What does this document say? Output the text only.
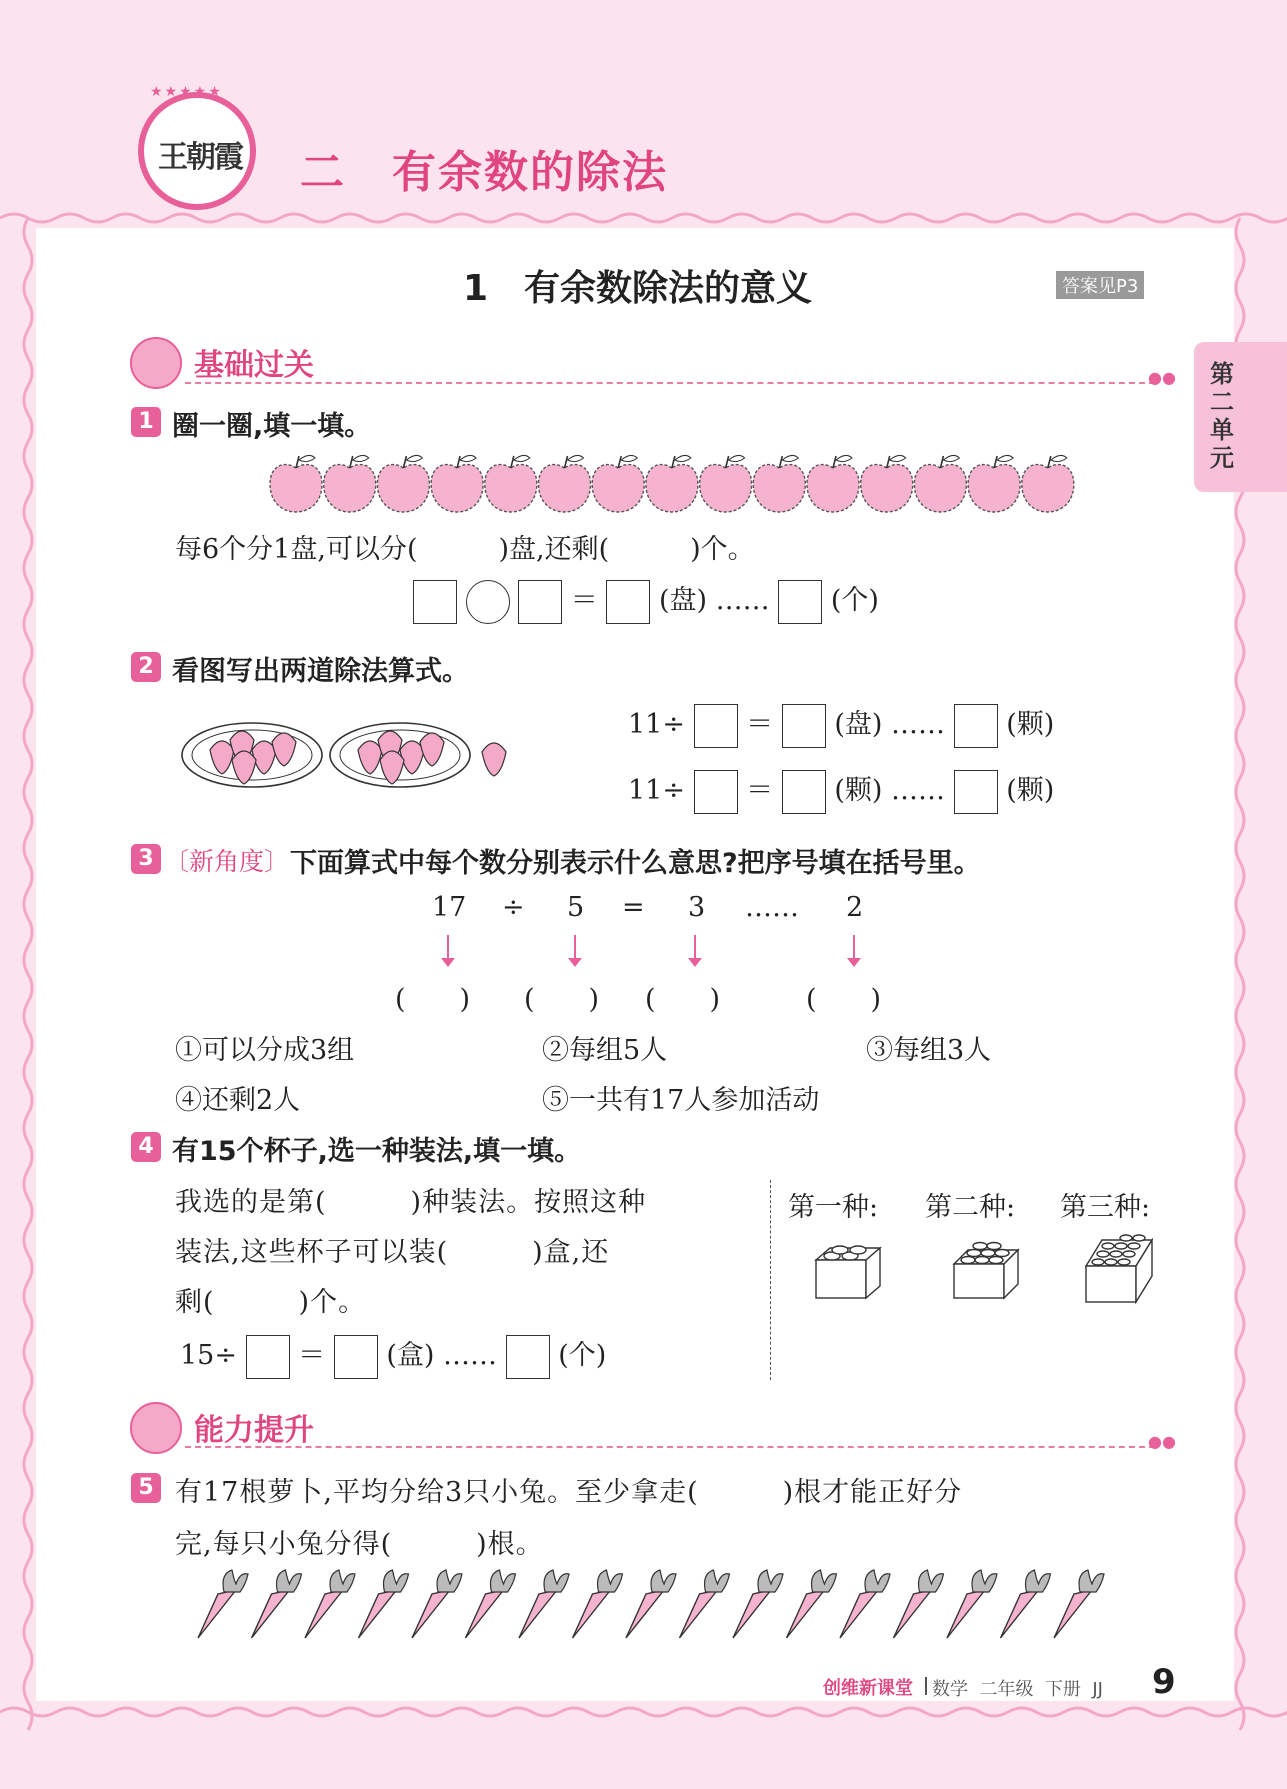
王朝霞
★★★★★
二　有余数的除法
1　有余数除法的意义	答案见P3
第二单元
基础过关	●●
1 圈一圈,填一填。
每6个分1盘,可以分(　　　)盘,还剩(　　　)个。
＝ (盘) …… (个)
2 看图写出两道除法算式。
11÷ ＝ (盘) …… (颗)
11÷ ＝ (颗) …… (颗)
3 〔新角度〕 下面算式中每个数分别表示什么意思?把序号填在括号里。
17 ÷ 5 = 3 …… 2
(　　) (　　) (　　)	(　　)
①可以分成3组	②每组5人	③每组3人
④还剩2人	⑤一共有17人参加活动
4 有15个杯子,选一种装法,填一填。
我选的是第(　　　)种装法。按照这种
装法,这些杯子可以装(　　　)盒,还
剩(　　　)个。
15÷ ＝ (盒) …… (个)
第一种: 第二种: 第三种:
能力提升	●●
5 有17根萝卜,平均分给3只小兔。至少拿走(　　　)根才能正好分
完,每只小兔分得(　　　)根。
创维新课堂 数学  二年级  下册  JJ 9
